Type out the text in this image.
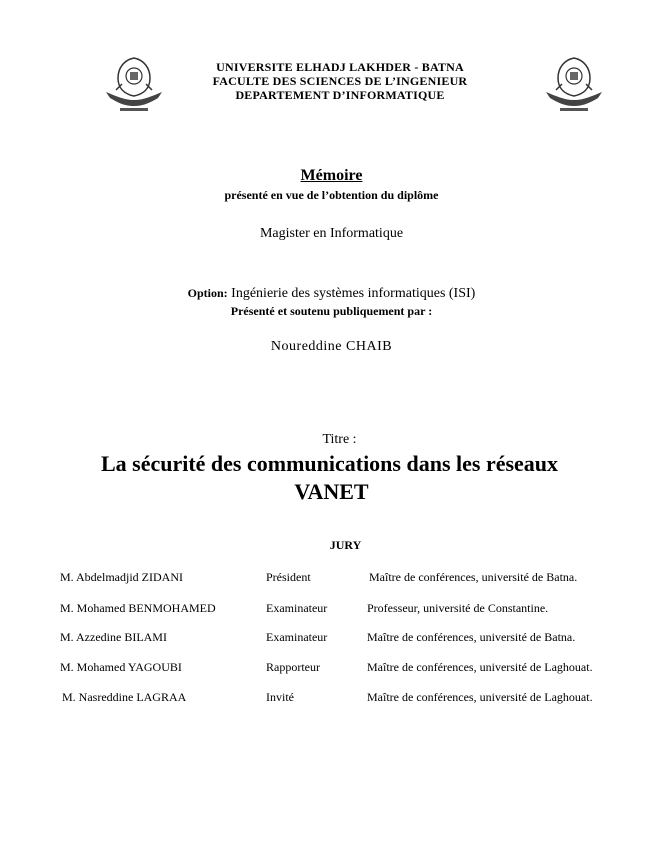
UNIVERSITE ELHADJ LAKHDER - BATNA
FACULTE DES SCIENCES DE L’INGENIEUR
DEPARTEMENT D’INFORMATIQUE
Mémoire
présenté en vue de l’obtention du diplôme
Magister en Informatique
Option: Ingénierie des systèmes informatiques (ISI)
Présenté et soutenu publiquement par :
Noureddine CHAIB
Titre :
La sécurité des communications dans les réseaux
VANET
JURY
M. Abdelmadjid ZIDANI	Président	Maître de conférences, université de Batna.
M. Mohamed BENMOHAMED	Examinateur	Professeur, université de Constantine.
M. Azzedine BILAMI	Examinateur	Maître de conférences, université de Batna.
M. Mohamed YAGOUBI	Rapporteur	Maître de conférences, université de Laghouat.
M. Nasreddine LAGRAA	Invité	Maître de conférences, université de Laghouat.
